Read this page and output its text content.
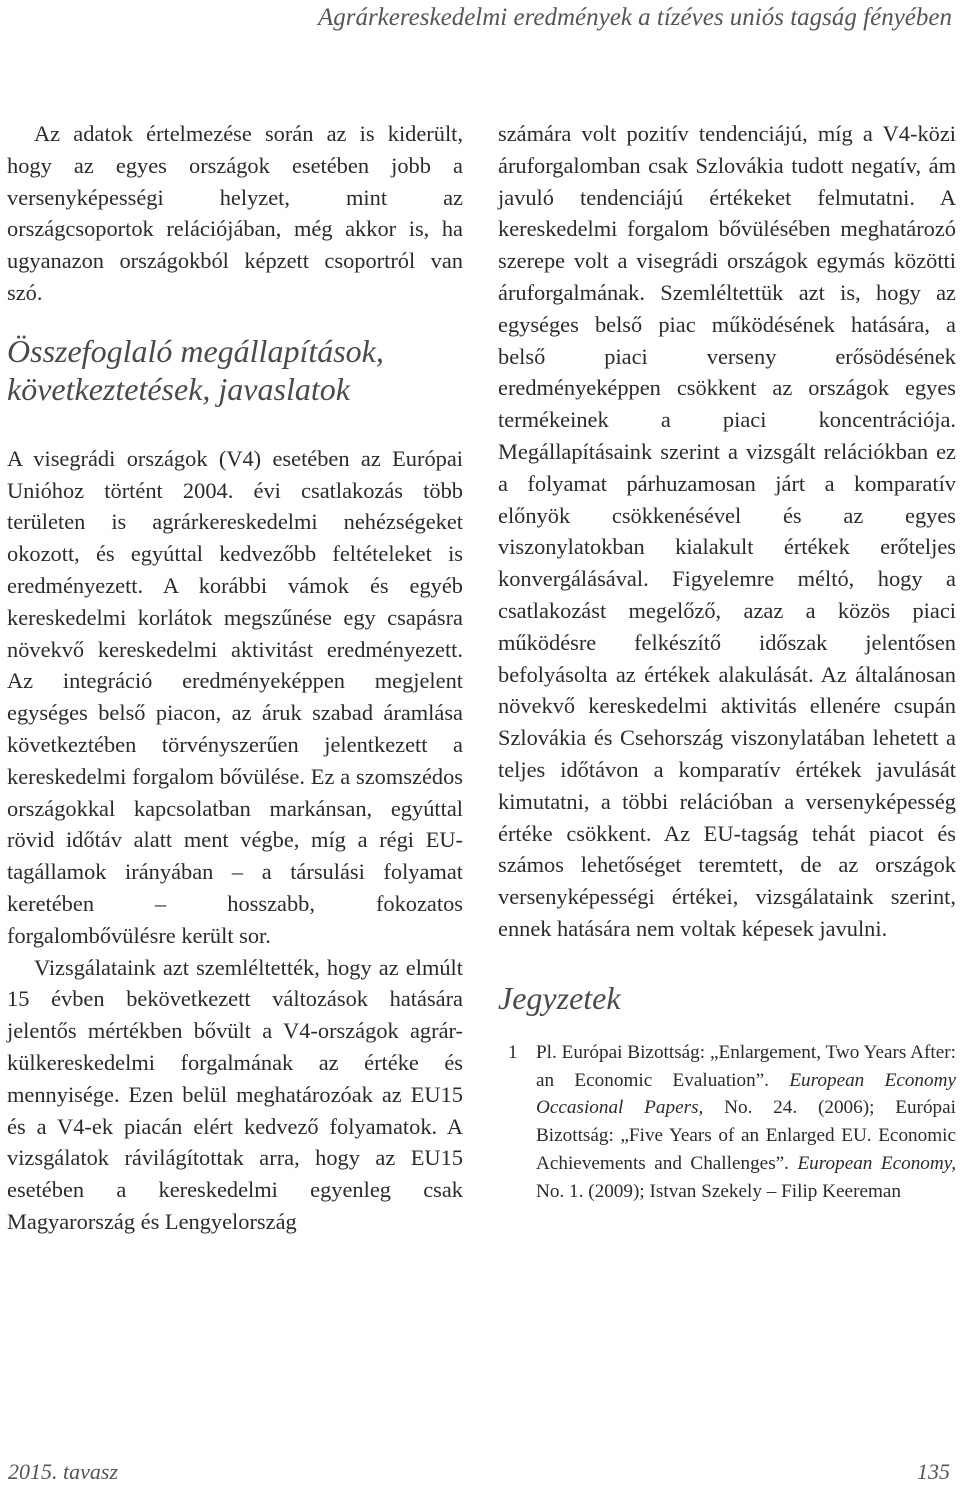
Agrárkereskedelmi eredmények a tízéves uniós tagság fényében

Az adatok értelmezése során az is kiderült, hogy az egyes országok esetében jobb a versenyképességi helyzet, mint az országcsoportok relációjában, még akkor is, ha ugyanazon országokból képzett csoportról van szó.

Összefoglaló megállapítások, következtetések, javaslatok

A visegrádi országok (V4) esetében az Európai Unióhoz történt 2004. évi csatlakozás több területen is agrárkereskedelmi nehézségeket okozott, és egyúttal kedvezőbb feltételeket is eredményezett. A korábbi vámok és egyéb kereskedelmi korlátok megszűnése egy csapásra növekvő kereskedelmi aktivitást eredményezett. Az integráció eredményeképpen megjelent egységes belső piacon, az áruk szabad áramlása következtében törvényszerűen jelentkezett a kereskedelmi forgalom bővülése. Ez a szomszédos országokkal kapcsolatban markánsan, egyúttal rövid időtáv alatt ment végbe, míg a régi EU-tagállamok irányában – a társulási folyamat keretében – hosszabb, fokozatos forgalombővülésre került sor.

Vizsgálataink azt szemléltették, hogy az elmúlt 15 évben bekövetkezett változások hatására jelentős mértékben bővült a V4-országok agrár-külkereskedelmi forgalmának az értéke és mennyisége. Ezen belül meghatározóak az EU15 és a V4-ek piacán elért kedvező folyamatok. A vizsgálatok rávilágítottak arra, hogy az EU15 esetében a kereskedelmi egyenleg csak Magyarország és Lengyelország

számára volt pozitív tendenciájú, míg a V4-közi áruforgalomban csak Szlovákia tudott negatív, ám javuló tendenciájú értékeket felmutatni. A kereskedelmi forgalom bővülésében meghatározó szerepe volt a visegrádi országok egymás közötti áruforgalmának. Szemléltettük azt is, hogy az egységes belső piac működésének hatására, a belső piaci verseny erősödésének eredményeképpen csökkent az országok egyes termékeinek a piaci koncentrációja. Megállapításaink szerint a vizsgált relációkban ez a folyamat párhuzamosan járt a komparatív előnyök csökkenésével és az egyes viszonylatokban kialakult értékek erőteljes konvergálásával. Figyelemre méltó, hogy a csatlakozást megelőző, azaz a közös piaci működésre felkészítő időszak jelentősen befolyásolta az értékek alakulását. Az általánosan növekvő kereskedelmi aktivitás ellenére csupán Szlovákia és Csehország viszonylatában lehetett a teljes időtávon a komparatív értékek javulását kimutatni, a többi relációban a versenyképesség értéke csökkent. Az EU-tagság tehát piacot és számos lehetőséget teremtett, de az országok versenyképességi értékei, vizsgálataink szerint, ennek hatására nem voltak képesek javulni.

Jegyzetek
1 Pl. Európai Bizottság: „Enlargement, Two Years After: an Economic Evaluation”. European Economy Occasional Papers, No. 24. (2006); Európai Bizottság: „Five Years of an Enlarged EU. Economic Achievements and Challenges”. European Economy, No. 1. (2009); Istvan Szekely – Filip Keereman
2015. tavasz	135
